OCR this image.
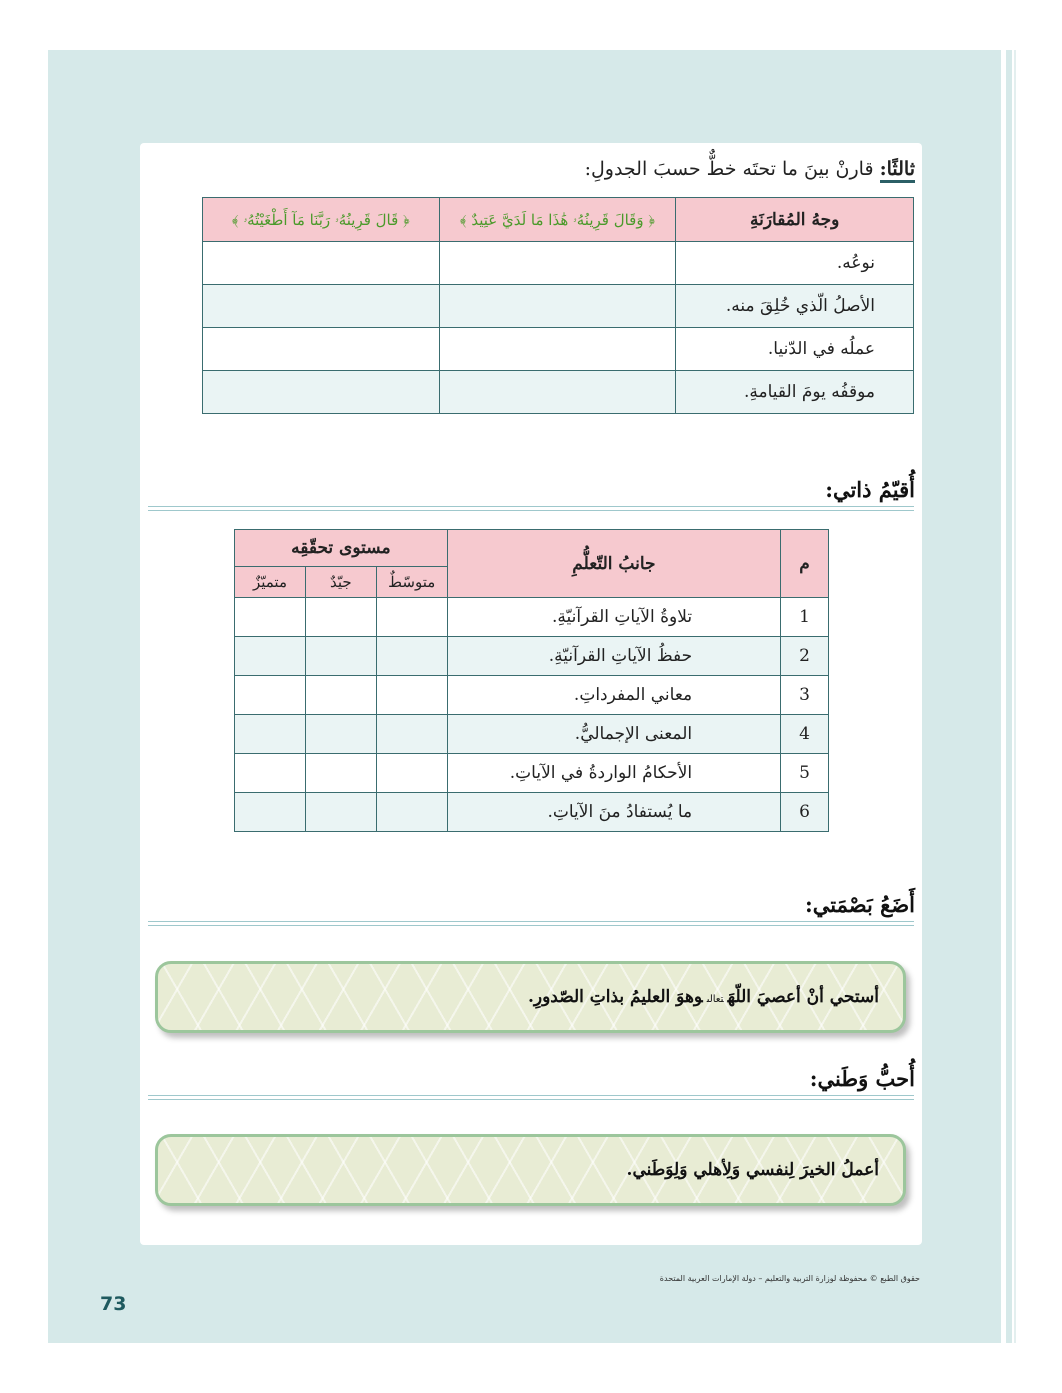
ثالثًا: قارنْ بينَ ما تحتَه خطٌّ حسبَ الجدولِ:
وجهُ المُقارَنَةِ	﴿ وَقَالَ قَرِينُهُۥ هَٰذَا مَا لَدَيَّ عَتِيدٌ ﴾	﴿ قَالَ قَرِينُهُۥ رَبَّنَا مَآ أَطْغَيْتُهُۥ ﴾
نوعُه.		
الأصلُ الّذي خُلِقَ منه.		
عملُه في الدّنيا.		
موقفُه يومَ القيامةِ.		
أُقيّمُ ذاتي:
م	جانبُ التّعلُّمِ	مستوى تحقّقِه		
		متوسّطٌ	جيّدٌ	متميّزٌ
1	تلاوةُ الآياتِ القرآنيّةِ.			
2	حفظُ الآياتِ القرآنيّةِ.			
3	معاني المفرداتِ.			
4	المعنى الإجماليُّ.			
5	الأحكامُ الواردةُ في الآياتِ.			
6	ما يُستفادُ منَ الآياتِ.			
أَضَعُ بَصْمَتي:
أستحي أنْ أعصيَ اللّهَتعالىوهوَ العليمُ بذاتِ الصّدورِ.
أُحبُّ وَطَني:
أعملُ الخيرَ لِنفسي وَلِأهلي وَلِوَطَني.
حقوق الطبع © محفوظة لوزارة التربية والتعليم – دولة الإمارات العربية المتحدة
73
